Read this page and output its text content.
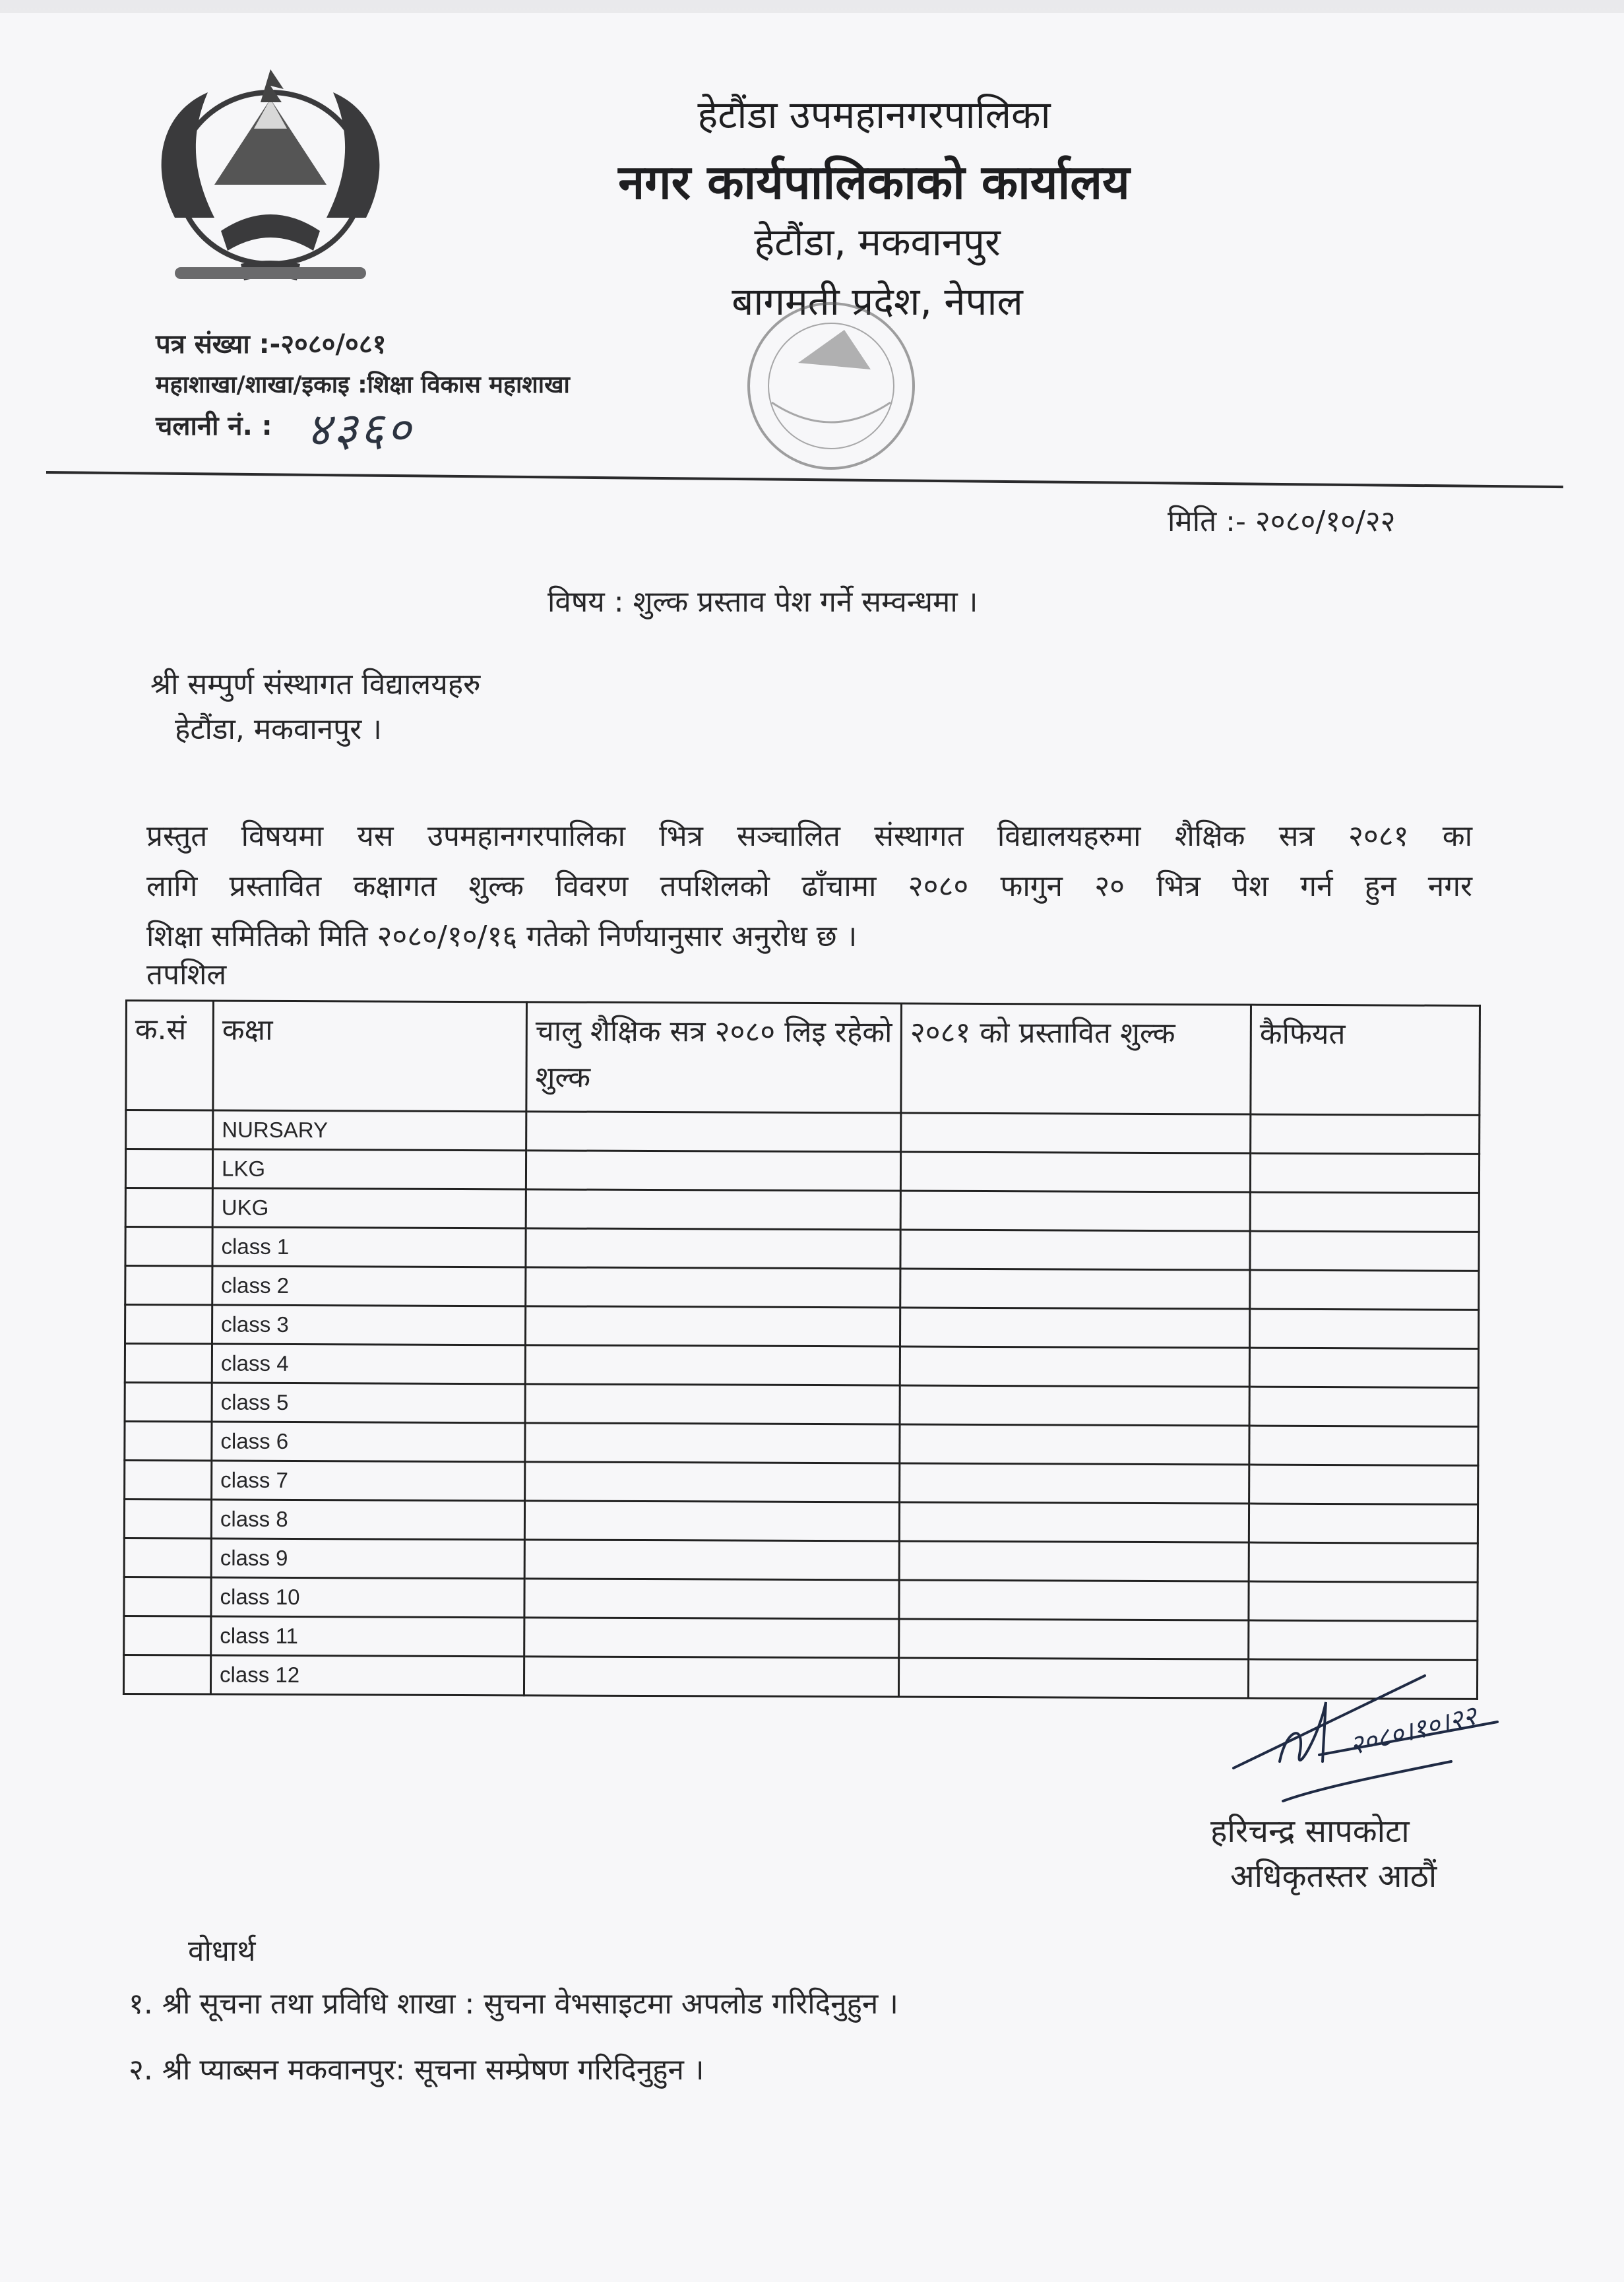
हेटौंडा उपमहानगरपालिका
नगर कार्यपालिकाको कार्यालय
हेटौंडा, मकवानपुर
बागमती प्रदेश, नेपाल
पत्र संख्या :-२०८०/०८१
महाशाखा/शाखा/इकाइ :शिक्षा विकास महाशाखा
चलानी नं. : ४३६०
मिति :- २०८०/१०/२२
विषय : शुल्क प्रस्ताव पेश गर्ने सम्वन्धमा ।
श्री सम्पुर्ण संस्थागत विद्यालयहरु
हेटौंडा, मकवानपुर ।
प्रस्तुत विषयमा यस उपमहानगरपालिका भित्र सञ्चालित संस्थागत विद्यालयहरुमा शैक्षिक सत्र २०८१ का
लागि प्रस्तावित कक्षागत शुल्क विवरण तपशिलको ढाँचामा २०८० फागुन २० भित्र पेश गर्न हुन नगर
शिक्षा समितिको मिति २०८०/१०/१६ गतेको निर्णयानुसार अनुरोध छ ।
तपशिल
क.सं	कक्षा	चालु शैक्षिक सत्र २०८० लिइ रहेको शुल्क	२०८१ को प्रस्तावित शुल्क	कैफियत
	NURSARY			
	LKG			
	UKG			
	class 1			
	class 2			
	class 3			
	class 4			
	class 5			
	class 6			
	class 7			
	class 8			
	class 9			
	class 10			
	class 11			
	class 12			
२०८०।१०।२२
हरिचन्द्र सापकोटा
अधिकृतस्तर आठौं
वोधार्थ
१. श्री सूचना तथा प्रविधि शाखा : सुचना वेभसाइटमा अपलोड गरिदिनुहुन ।
२. श्री प्याब्सन मकवानपुर: सूचना सम्प्रेषण गरिदिनुहुन ।
